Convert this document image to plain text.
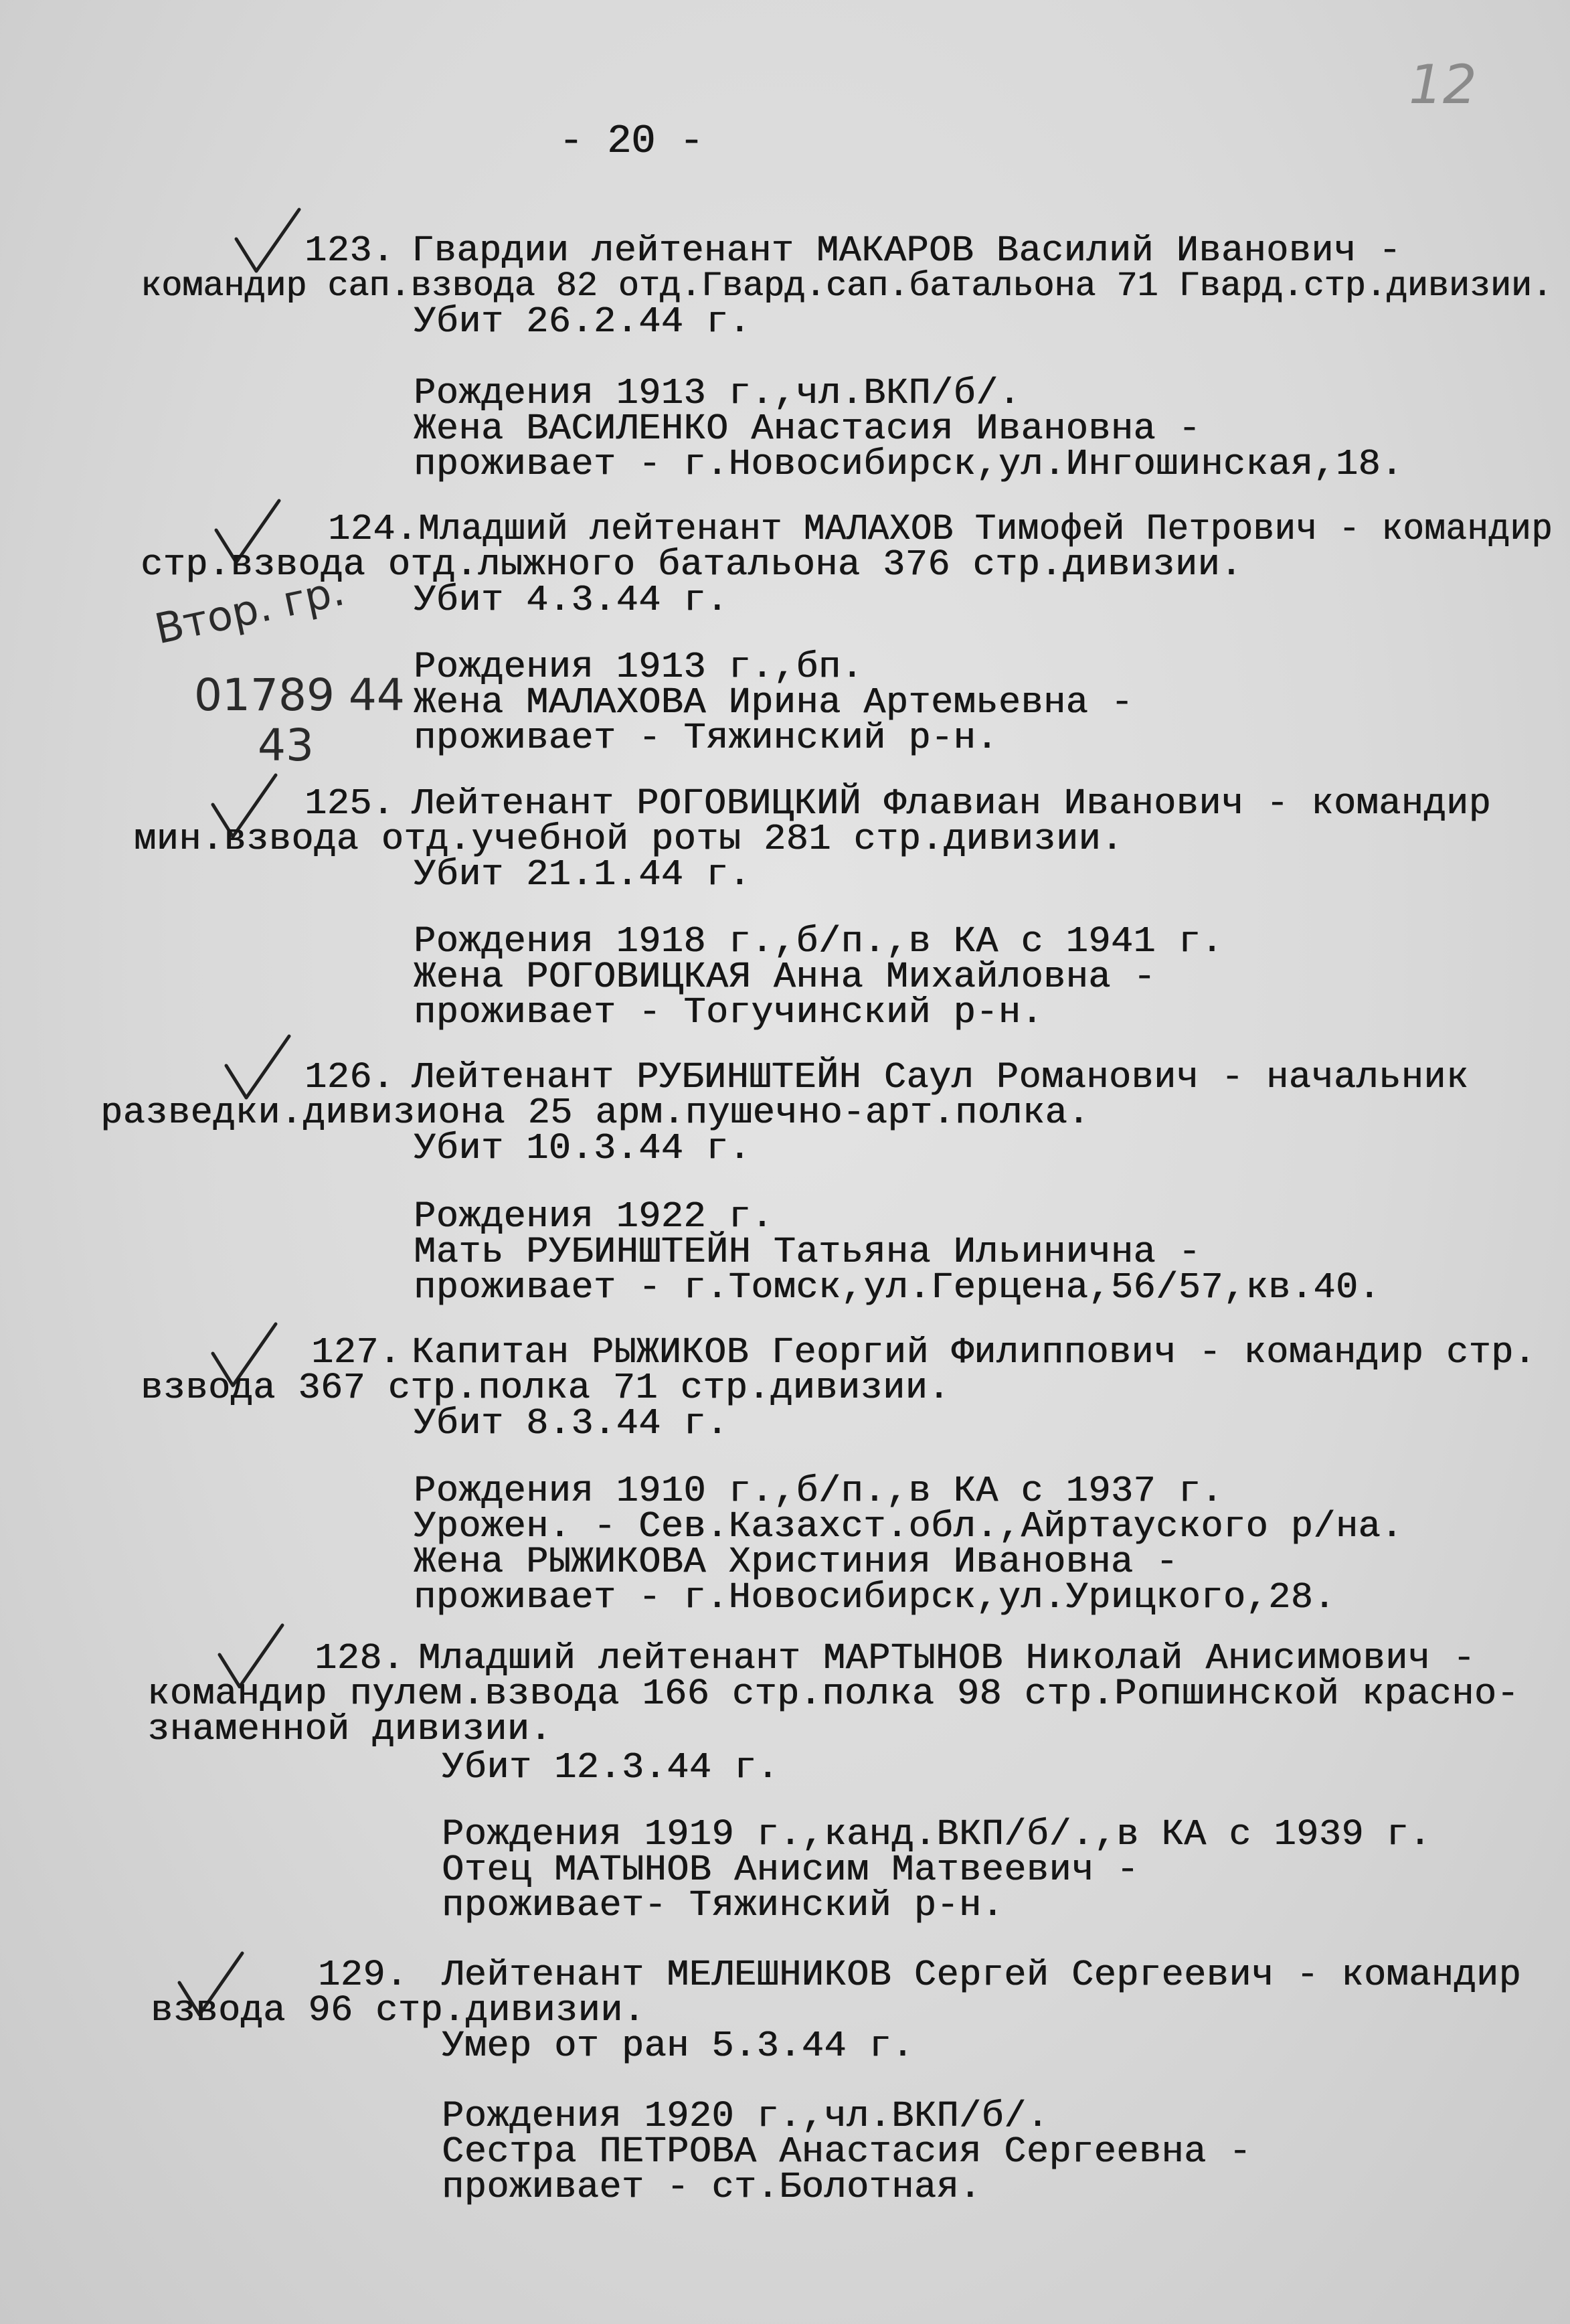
12
- 20 -
Втор. гр.
01789 44
43
123. Гвардии лейтенант МАКАРОВ Василий Иванович -
командир сап.взвода 82 отд.Гвард.сап.батальона 71 Гвард.стр.дивизии.
Убит 26.2.44 г.
Рождения 1913 г.,чл.ВКП/б/.
Жена ВАСИЛЕНКО Анастасия Ивановна -
проживает - г.Новосибирск,ул.Ингошинская,18.
124. Младший лейтенант МАЛАХОВ Тимофей Петрович - командир
стр.взвода отд.лыжного батальона 376 стр.дивизии.
Убит 4.3.44 г.
Рождения 1913 г.,бп.
Жена МАЛАХОВА Ирина Артемьевна -
проживает - Тяжинский р-н.
125. Лейтенант РОГОВИЦКИЙ Флавиан Иванович - командир
мин.взвода отд.учебной роты 281 стр.дивизии.
Убит 21.1.44 г.
Рождения 1918 г.,б/п.,в КА с 1941 г.
Жена РОГОВИЦКАЯ Анна Михайловна -
проживает - Тогучинский р-н.
126. Лейтенант РУБИНШТЕЙН Саул Романович - начальник
разведки.дивизиона 25 арм.пушечно-арт.полка.
Убит 10.3.44 г.
Рождения 1922 г.
Мать РУБИНШТЕЙН Татьяна Ильинична -
проживает - г.Томск,ул.Герцена,56/57,кв.40.
127. Капитан РЫЖИКОВ Георгий Филиппович - командир стр.
взвода 367 стр.полка 71 стр.дивизии.
Убит 8.3.44 г.
Рождения 1910 г.,б/п.,в КА с 1937 г.
Урожен. - Сев.Казахст.обл.,Айртауского р/на.
Жена РЫЖИКОВА Христиния Ивановна -
проживает - г.Новосибирск,ул.Урицкого,28.
128. Младший лейтенант МАРТЫНОВ Николай Анисимович -
командир пулем.взвода 166 стр.полка 98 стр.Ропшинской красно-
знаменной дивизии.
Убит 12.3.44 г.
Рождения 1919 г.,канд.ВКП/б/.,в КА с 1939 г.
Отец МАТЫНОВ Анисим Матвеевич -
проживает- Тяжинский р-н.
129. Лейтенант МЕЛЕШНИКОВ Сергей Сергеевич - командир
взвода 96 стр.дивизии.
Умер от ран 5.3.44 г.
Рождения 1920 г.,чл.ВКП/б/.
Сестра ПЕТРОВА Анастасия Сергеевна -
проживает - ст.Болотная.
